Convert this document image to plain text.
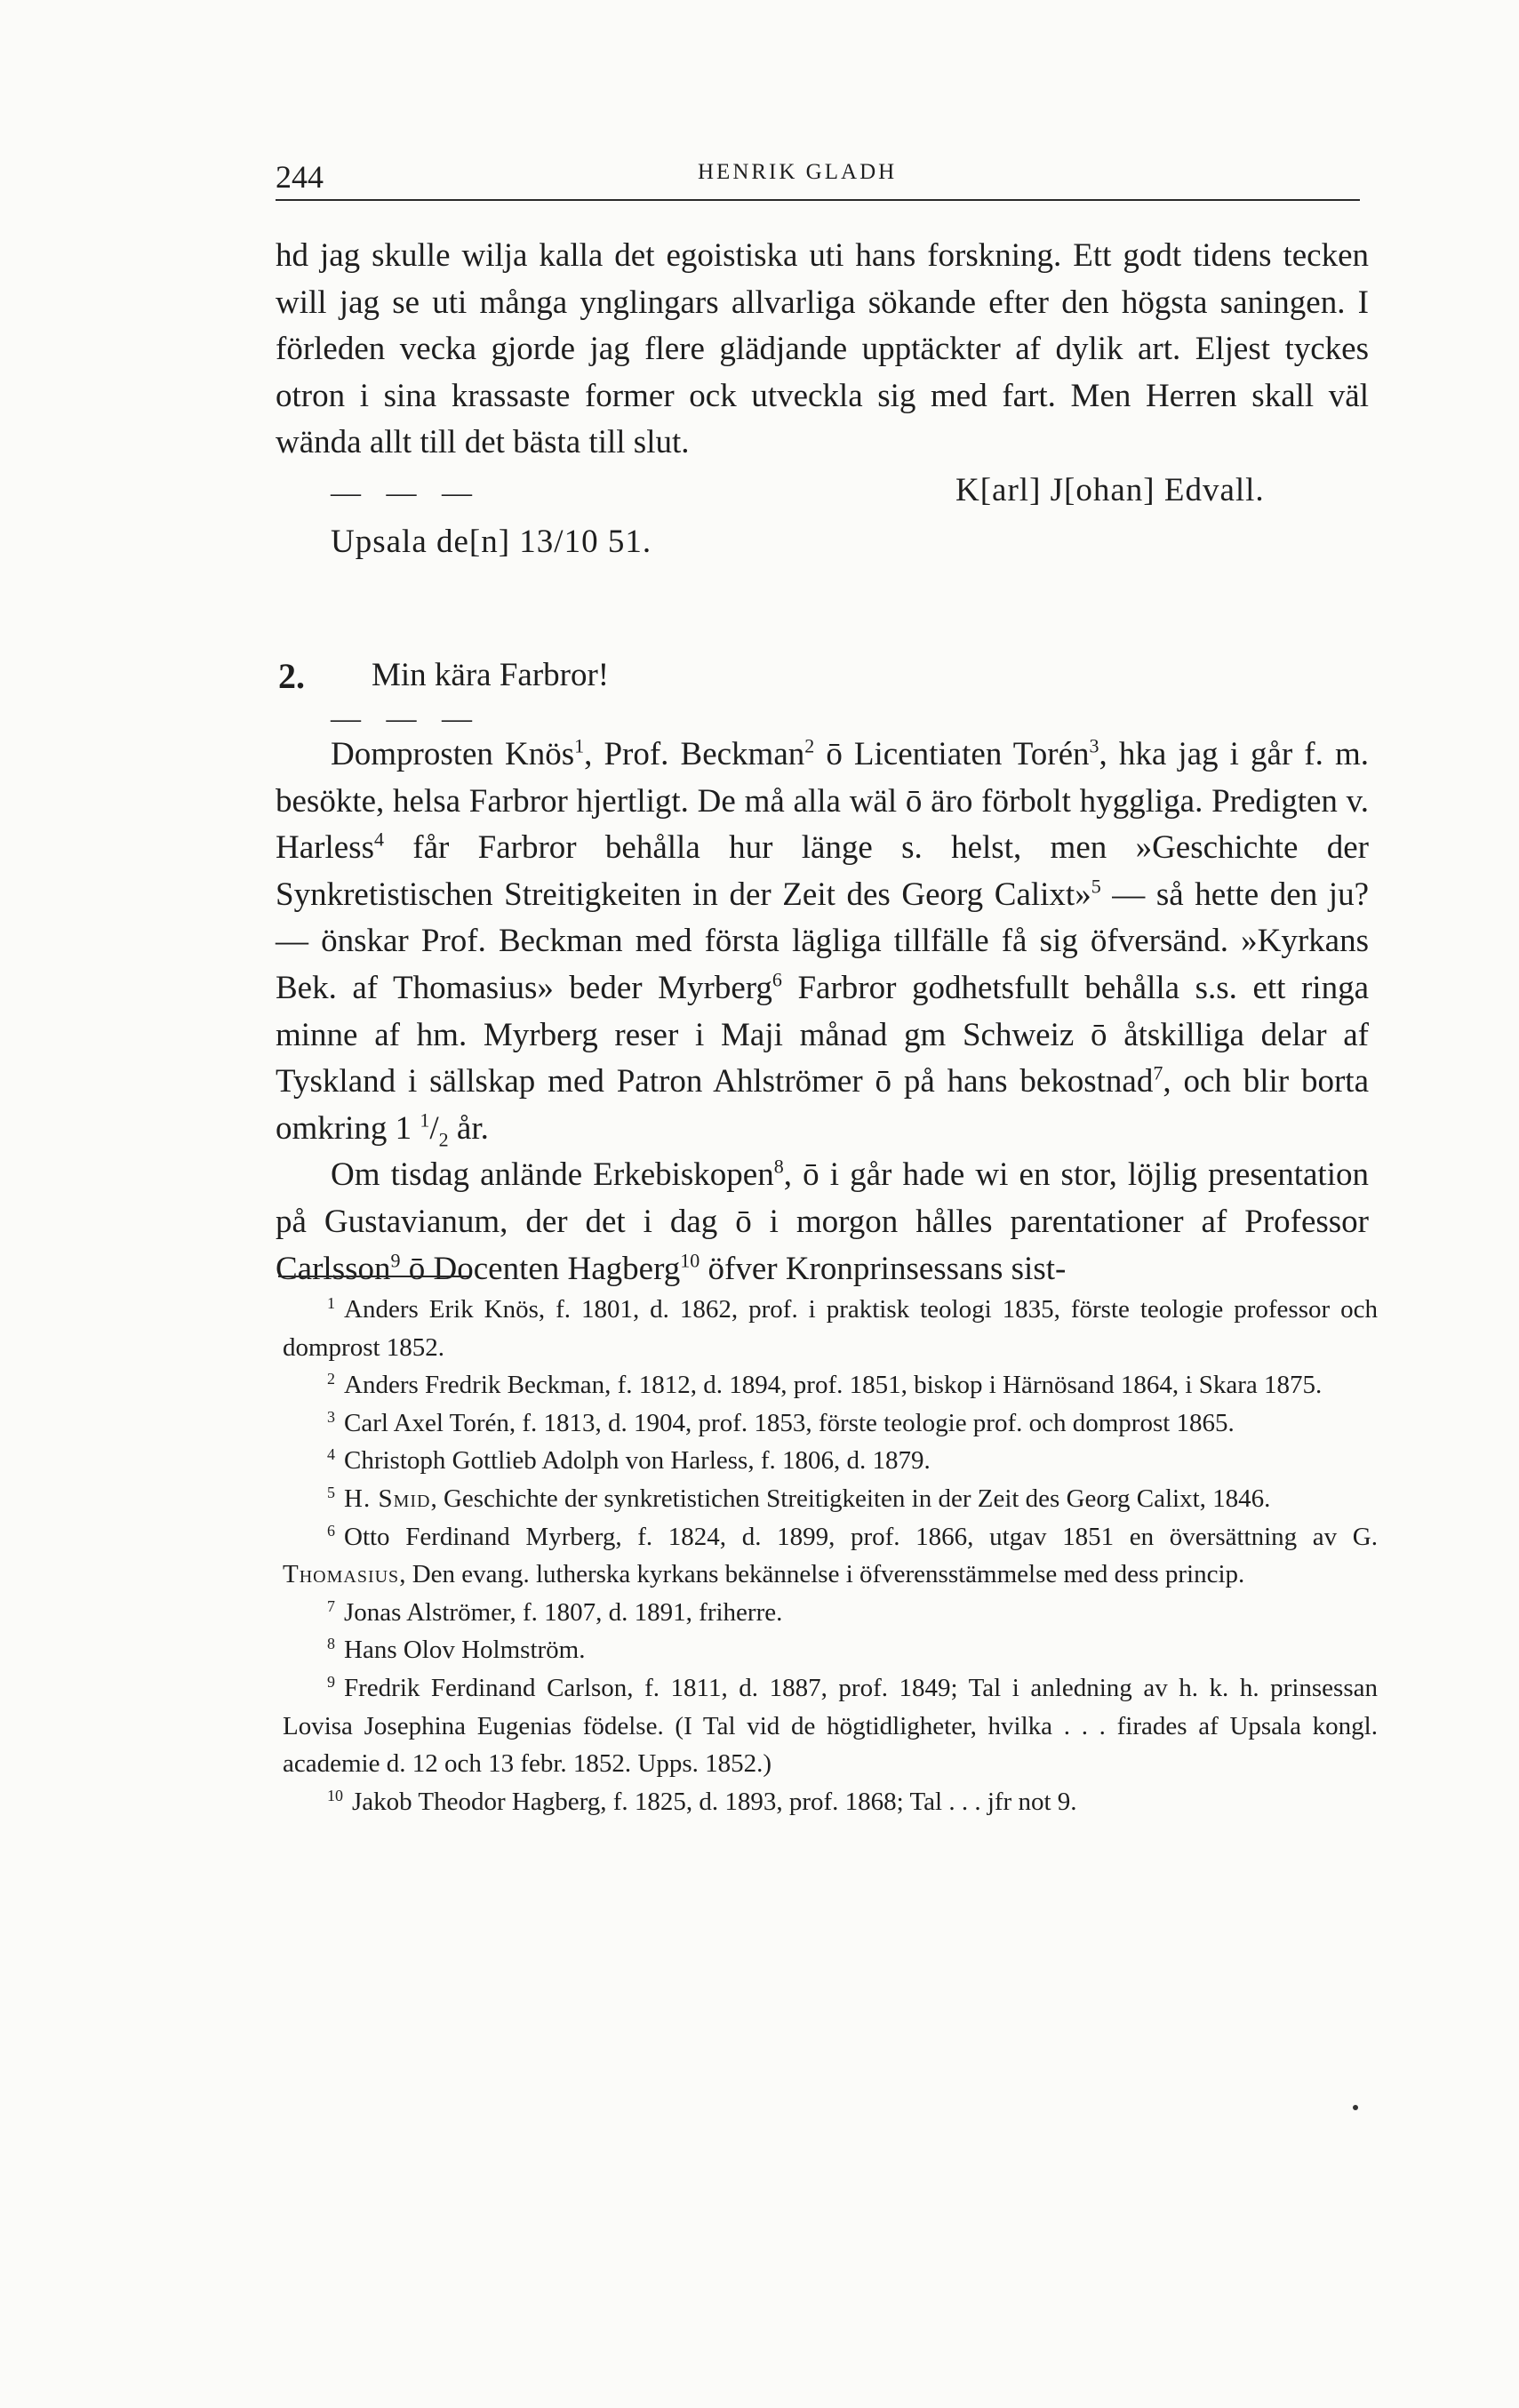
244	HENRIK GLADH

hd jag skulle wilja kalla det egoistiska uti hans forskning. Ett godt tidens tecken will jag se uti många ynglingars allvarliga sökande efter den högsta saningen. I förleden vecka gjorde jag flere glädjande upptäckter af dylik art. Eljest tyckes otron i sina krassaste former ock utveckla sig med fart. Men Herren skall väl wända allt till det bästa till slut.

— — —	K[arl] J[ohan] Edvall.
Upsala de[n] 13/10 51.
2. Min kära Farbror!
— — —

Domprosten Knös$^1$, Prof. Beckman$^2$ ō Licentiaten Torén$^3$, hka jag i går f. m. besökte, helsa Farbror hjertligt. De må alla wäl ō äro förbolt hyggliga. Predigten v. Harless$^4$ får Farbror behålla hur länge s. helst, men »Geschichte der Synkretistischen Streitigkeiten in der Zeit des Georg Calixt»$^5$ — så hette den ju? — önskar Prof. Beckman med första lägliga tillfälle få sig öfversänd. »Kyrkans Bek. af Thomasius» beder Myrberg$^6$ Farbror godhetsfullt behålla s.s. ett ringa minne af hm. Myrberg reser i Maji månad gm Schweiz ō åtskilliga delar af Tyskland i sällskap med Patron Ahlströmer ō på hans bekostnad$^7$, och blir borta omkring 1 $^1/_2$ år.

Om tisdag anlände Erkebiskopen$^8$, ō i går hade wi en stor, löjlig presentation på Gustavianum, der det i dag ō i morgon hålles parentationer af Professor Carlsson$^9$ ō Docenten Hagberg$^{10}$ öfver Kronprinsessans sist-

$^1$ Anders Erik Knös, f. 1801, d. 1862, prof. i praktisk teologi 1835, förste teologie professor och domprost 1852.

$^2$ Anders Fredrik Beckman, f. 1812, d. 1894, prof. 1851, biskop i Härnösand 1864, i Skara 1875.

$^3$ Carl Axel Torén, f. 1813, d. 1904, prof. 1853, förste teologie prof. och domprost 1865.

$^4$ Christoph Gottlieb Adolph von Harless, f. 1806, d. 1879.

$^5$ H. Smid, Geschichte der synkretistichen Streitigkeiten in der Zeit des Georg Calixt, 1846.

$^6$ Otto Ferdinand Myrberg, f. 1824, d. 1899, prof. 1866, utgav 1851 en översättning av G. Thomasius, Den evang. lutherska kyrkans bekännelse i öfverensstämmelse med dess princip.

$^7$ Jonas Alströmer, f. 1807, d. 1891, friherre.

$^8$ Hans Olov Holmström.

$^9$ Fredrik Ferdinand Carlson, f. 1811, d. 1887, prof. 1849; Tal i anledning av h. k. h. prinsessan Lovisa Josephina Eugenias födelse. (I Tal vid de högtidligheter, hvilka . . . firades af Upsala kongl. academie d. 12 och 13 febr. 1852. Upps. 1852.)

$^{10}$ Jakob Theodor Hagberg, f. 1825, d. 1893, prof. 1868; Tal . . . jfr not 9.
